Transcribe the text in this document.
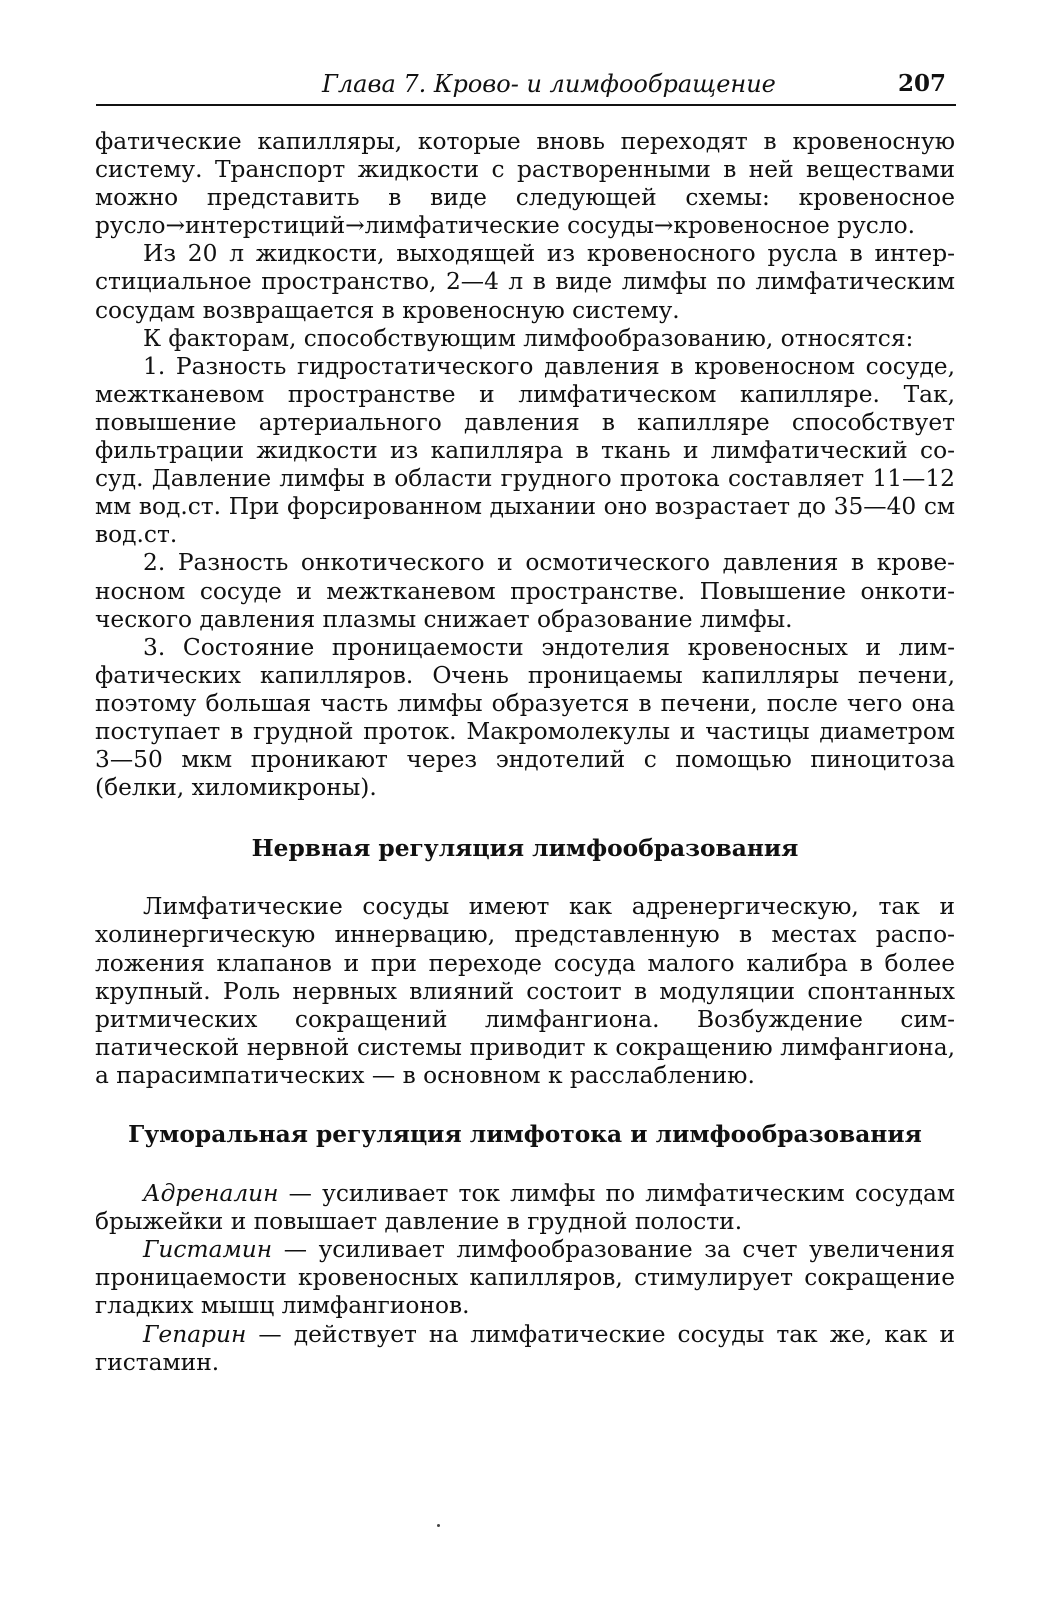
Глава 7. Крово- и лимфообращение	207

фатические капилляры, которые вновь переходят в кровеносную систему. Транспорт жидкости с растворенными в ней веществами можно представить в виде следующей схемы: кровеносное русло→интерстиций→лимфатические сосуды→кровеносное русло.

Из 20 л жидкости, выходящей из кровеносного русла в интерстициальное пространство, 2—4 л в виде лимфы по лимфатическим сосудам возвращается в кровеносную систему.

К факторам, способствующим лимфообразованию, относятся:

1. Разность гидростатического давления в кровеносном сосуде, межтканевом пространстве и лимфатическом капилляре. Так, повышение артериального давления в капилляре способствует фильтрации жидкости из капилляра в ткань и лимфатический сосуд. Давление лимфы в области грудного протока составляет 11—12 мм вод.ст. При форсированном дыхании оно возрастает до 35—40 см вод.ст.

2. Разность онкотического и осмотического давления в кровеносном сосуде и межтканевом пространстве. Повышение онкотического давления плазмы снижает образование лимфы.

3. Состояние проницаемости эндотелия кровеносных и лимфатических капилляров. Очень проницаемы капилляры печени, поэтому большая часть лимфы образуется в печени, после чего она поступает в грудной проток. Макромолекулы и частицы диаметром 3—50 мкм проникают через эндотелий с помощью пиноцитоза (белки, хиломикроны).

Нервная регуляция лимфообразования

Лимфатические сосуды имеют как адренергическую, так и холинергическую иннервацию, представленную в местах расположения клапанов и при переходе сосуда малого калибра в более крупный. Роль нервных влияний состоит в модуляции спонтанных ритмических сокращений лимфангиона. Возбуждение симпатической нервной системы приводит к сокращению лимфангиона, а парасимпатических — в основном к расслаблению.

Гуморальная регуляция лимфотока и лимфообразования

Адреналин — усиливает ток лимфы по лимфатическим сосудам брыжейки и повышает давление в грудной полости.

Гистамин — усиливает лимфообразование за счет увеличения проницаемости кровеносных капилляров, стимулирует сокращение гладких мышц лимфангионов.

Гепарин — действует на лимфатические сосуды так же, как и гистамин.
